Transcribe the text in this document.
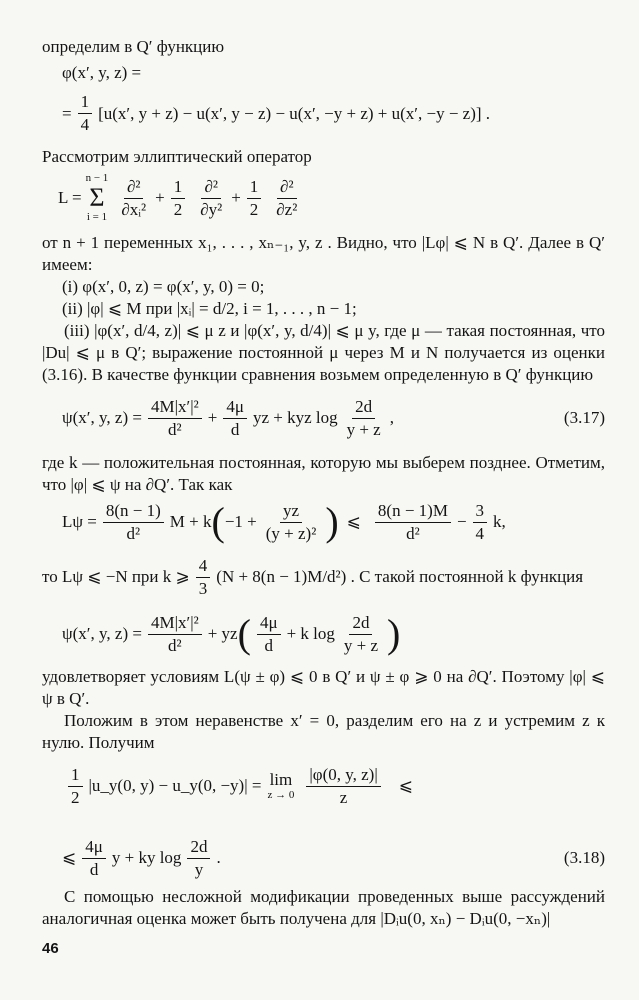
определим в Q′ функцию

φ(x′, y, z) =
= $\frac{1}{4} [u(x'$, y + z) − u(x′, y − z) − u(x′, −y + z) + u(x′, −y − z)] .

Рассмотрим эллиптический оператор

L =
n − 1
Σ
$i = 1 \frac{\text{∂²}}{\text{∂xᵢ²}} + \frac{1}{2} \frac{\text{∂²}}{\text{∂y²}} + \frac{1}{2} \frac{\text{∂²}}{\text{∂z²}}$

от n + 1 переменных x₁, . . . , xₙ₋₁, y, z . Видно, что |Lφ| ⩽ N в Q′. Далее в Q′ имеем:

(i) φ(x′, 0, z) = φ(x′, y, 0) = 0;
(ii) |φ| ⩽ M при |xᵢ| = d/2, i = 1, . . . , n − 1;

(iii) |φ(x′, d/4, z)| ⩽ μ z и |φ(x′, y, d/4)| ⩽ μ y, где μ — такая постоянная, что |Du| ⩽ μ в Q′; выражение постоянной μ через M и N получается из оценки (3.16). В качестве функции сравнения возьмем определенную в Q′ функцию

ψ(x′, y, $z) = \frac{\text{4M|x′|²}}{\text{d²}} + \frac{4\mu}{d}$ yz + kyz $\log \frac{2d}{y + z}$ ,	(3.17)

где k — положительная постоянная, которую мы выберем позднее. Отметим, что |φ| ⩽ ψ на ∂Q′. Так как

$L\psi = \frac{8(n - 1)}{\text{d²}}$ M + k ( $-1 + \frac{yz}{\text{(y + z)²}}$ ) ⩽ $\frac{8(n - 1)M}{\text{d²}} - \frac{3}{4} k$,
то Lψ ⩽ −N при k ⩾ $\frac{4}{3} (N + 8(n - 1)M/d^2)$ . С такой постоянной k функция
ψ(x′, y, $z) = \frac{\text{4M|x′|²}}{\text{d²}}$ + yz ( $\frac{4\mu}{d} + k$ $\log \frac{2d}{y + z}$ )

удовлетворяет условиям L(ψ ± φ) ⩽ 0 в Q′ и ψ ± φ ⩾ 0 на ∂Q′. Поэтому |φ| ⩽ ψ в Q′.

Положим в этом неравенстве x′ = 0, разделим его на z и устремим z к нулю. Получим

$\frac{1}{2}$ |u_y(0, y) − u_y(0, −y)| = lim
$z \to 0 \frac{|\varphi(0, y, z)|}{z}$ ⩽
⩽ $\frac{4\mu}{d}$ y + ky $\log \frac{2d}{y}$ .	(3.18)

С помощью несложной модификации проведенных выше рассуждений аналогичная оценка может быть получена для |Dᵢu(0, xₙ) − Dᵢu(0, −xₙ)|

46
